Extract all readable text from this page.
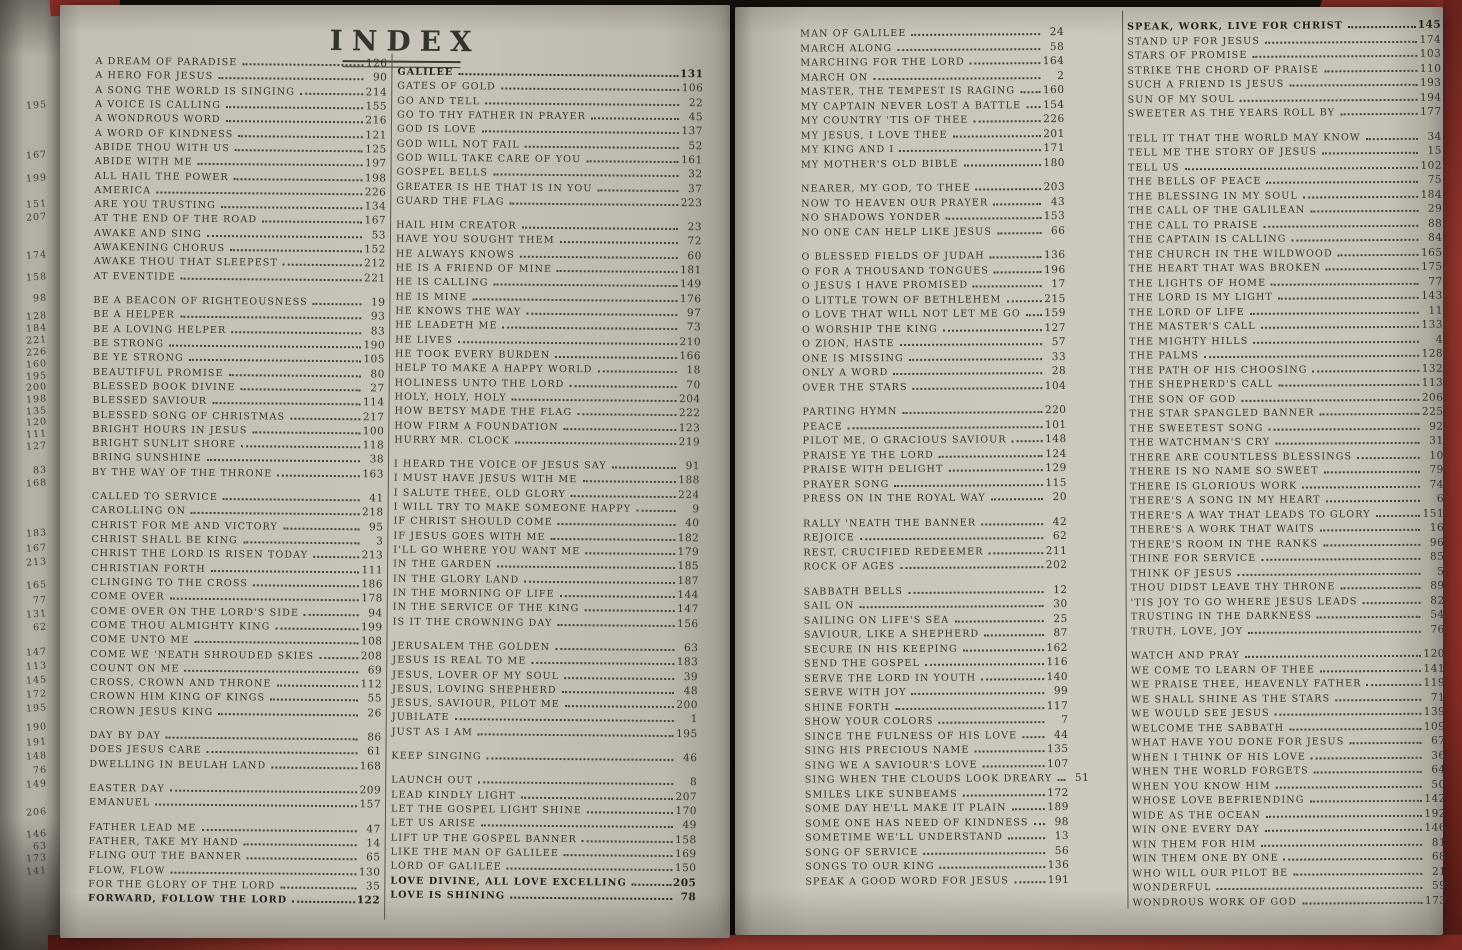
195
167
199
151
207
174
158
98
128
184
221
226
160
195
200
198
135
120
111
127
83
168
183
167
213
165
77
131
62
147
113
145
172
195
190
191
148
76
149
206
146
63
173
141
INDEX
A DREAM OF PARADISE	126
A HERO FOR JESUS	90
A SONG THE WORLD IS SINGING	214
A VOICE IS CALLING	155
A WONDROUS WORD	216
A WORD OF KINDNESS	121
ABIDE THOU WITH US	125
ABIDE WITH ME	197
ALL HAIL THE POWER	198
AMERICA	226
ARE YOU TRUSTING	134
AT THE END OF THE ROAD	167
AWAKE AND SING	53
AWAKENING CHORUS	152
AWAKE THOU THAT SLEEPEST	212
AT EVENTIDE	221
BE A BEACON OF RIGHTEOUSNESS	19
BE A HELPER	93
BE A LOVING HELPER	83
BE STRONG	190
BE YE STRONG	105
BEAUTIFUL PROMISE	80
BLESSED BOOK DIVINE	27
BLESSED SAVIOUR	114
BLESSED SONG OF CHRISTMAS	217
BRIGHT HOURS IN JESUS	100
BRIGHT SUNLIT SHORE	118
BRING SUNSHINE	38
BY THE WAY OF THE THRONE	163
CALLED TO SERVICE	41
CAROLLING ON	218
CHRIST FOR ME AND VICTORY	95
CHRIST SHALL BE KING	3
CHRIST THE LORD IS RISEN TODAY	213
CHRISTIAN FORTH	111
CLINGING TO THE CROSS	186
COME OVER	178
COME OVER ON THE LORD'S SIDE	94
COME THOU ALMIGHTY KING	199
COME UNTO ME	108
COME WE 'NEATH SHROUDED SKIES	208
COUNT ON ME	69
CROSS, CROWN AND THRONE	112
CROWN HIM KING OF KINGS	55
CROWN JESUS KING	26
DAY BY DAY	86
DOES JESUS CARE	61
DWELLING IN BEULAH LAND	168
EASTER DAY	209
EMANUEL	157
FATHER LEAD ME	47
FATHER, TAKE MY HAND	14
FLING OUT THE BANNER	65
FLOW, FLOW	130
FOR THE GLORY OF THE LORD	35
FORWARD, FOLLOW THE LORD	122
GALILEE	131
GATES OF GOLD	106
GO AND TELL	22
GO TO THY FATHER IN PRAYER	45
GOD IS LOVE	137
GOD WILL NOT FAIL	52
GOD WILL TAKE CARE OF YOU	161
GOSPEL BELLS	32
GREATER IS HE THAT IS IN YOU	37
GUARD THE FLAG	223
HAIL HIM CREATOR	23
HAVE YOU SOUGHT THEM	72
HE ALWAYS KNOWS	60
HE IS A FRIEND OF MINE	181
HE IS CALLING	149
HE IS MINE	176
HE KNOWS THE WAY	97
HE LEADETH ME	73
HE LIVES	210
HE TOOK EVERY BURDEN	166
HELP TO MAKE A HAPPY WORLD	18
HOLINESS UNTO THE LORD	70
HOLY, HOLY, HOLY	204
HOW BETSY MADE THE FLAG	222
HOW FIRM A FOUNDATION	123
HURRY MR. CLOCK	219
I HEARD THE VOICE OF JESUS SAY	91
I MUST HAVE JESUS WITH ME	188
I SALUTE THEE, OLD GLORY	224
I WILL TRY TO MAKE SOMEONE HAPPY	9
IF CHRIST SHOULD COME	40
IF JESUS GOES WITH ME	182
I'LL GO WHERE YOU WANT ME	179
IN THE GARDEN	185
IN THE GLORY LAND	187
IN THE MORNING OF LIFE	144
IN THE SERVICE OF THE KING	147
IS IT THE CROWNING DAY	156
JERUSALEM THE GOLDEN	63
JESUS IS REAL TO ME	183
JESUS, LOVER OF MY SOUL	39
JESUS, LOVING SHEPHERD	48
JESUS, SAVIOUR, PILOT ME	200
JUBILATE	1
JUST AS I AM	195
KEEP SINGING	46
LAUNCH OUT	8
LEAD KINDLY LIGHT	207
LET THE GOSPEL LIGHT SHINE	170
LET US ARISE	49
LIFT UP THE GOSPEL BANNER	158
LIKE THE MAN OF GALILEE	169
LORD OF GALILEE	150
LOVE DIVINE, ALL LOVE EXCELLING	205
LOVE IS SHINING	78
MAN OF GALILEE	24
MARCH ALONG	58
MARCHING FOR THE LORD	164
MARCH ON	2
MASTER, THE TEMPEST IS RAGING	160
MY CAPTAIN NEVER LOST A BATTLE 154
MY COUNTRY 'TIS OF THEE	226
MY JESUS, I LOVE THEE	201
MY KING AND I	171
MY MOTHER'S OLD BIBLE	180
NEARER, MY GOD, TO THEE	203
NOW TO HEAVEN OUR PRAYER	43
NO SHADOWS YONDER	153
NO ONE CAN HELP LIKE JESUS	66
O BLESSED FIELDS OF JUDAH	136
O FOR A THOUSAND TONGUES	196
O JESUS I HAVE PROMISED	17
O LITTLE TOWN OF BETHLEHEM	215
O LOVE THAT WILL NOT LET ME GO 159
O WORSHIP THE KING	127
O ZION, HASTE	57
ONE IS MISSING	33
ONLY A WORD	28
OVER THE STARS	104
PARTING HYMN	220
PEACE	101
PILOT ME, O GRACIOUS SAVIOUR	148
PRAISE YE THE LORD	124
PRAISE WITH DELIGHT	129
PRAYER SONG	115
PRESS ON IN THE ROYAL WAY	20
RALLY 'NEATH THE BANNER	42
REJOICE	62
REST, CRUCIFIED REDEEMER	211
ROCK OF AGES	202
SABBATH BELLS	12
SAIL ON	30
SAILING ON LIFE'S SEA	25
SAVIOUR, LIKE A SHEPHERD	87
SECURE IN HIS KEEPING	162
SEND THE GOSPEL	116
SERVE THE LORD IN YOUTH	140
SERVE WITH JOY	99
SHINE FORTH	117
SHOW YOUR COLORS	7
SINCE THE FULNESS OF HIS LOVE	44
SING HIS PRECIOUS NAME	135
SING WE A SAVIOUR'S LOVE	107
SING WHEN THE CLOUDS LOOK DREARY	51
SMILES LIKE SUNBEAMS	172
SOME DAY HE'LL MAKE IT PLAIN	189
SOME ONE HAS NEED OF KINDNESS	98
SOMETIME WE'LL UNDERSTAND	13
SONG OF SERVICE	56
SONGS TO OUR KING	136
SPEAK A GOOD WORD FOR JESUS	191
SPEAK, WORK, LIVE FOR CHRIST	145
STAND UP FOR JESUS	174
STARS OF PROMISE	103
STRIKE THE CHORD OF PRAISE	110
SUCH A FRIEND IS JESUS	193
SUN OF MY SOUL	194
SWEETER AS THE YEARS ROLL BY	177
TELL IT THAT THE WORLD MAY KNOW	34
TELL ME THE STORY OF JESUS	15
TELL US	102
THE BELLS OF PEACE	75
THE BLESSING IN MY SOUL	184
THE CALL OF THE GALILEAN	29
THE CALL TO PRAISE	88
THE CAPTAIN IS CALLING	84
THE CHURCH IN THE WILDWOOD	165
THE HEART THAT WAS BROKEN	175
THE LIGHTS OF HOME	77
THE LORD IS MY LIGHT	143
THE LORD OF LIFE	11
THE MASTER'S CALL	133
THE MIGHTY HILLS	4
THE PALMS	128
THE PATH OF HIS CHOOSING	132
THE SHEPHERD'S CALL	113
THE SON OF GOD	206
THE STAR SPANGLED BANNER	225
THE SWEETEST SONG	92
THE WATCHMAN'S CRY	31
THERE ARE COUNTLESS BLESSINGS	10
THERE IS NO NAME SO SWEET	79
THERE IS GLORIOUS WORK	74
THERE'S A SONG IN MY HEART	6
THERE'S A WAY THAT LEADS TO GLORY	151
THERE'S A WORK THAT WAITS	16
THERE'S ROOM IN THE RANKS	96
THINE FOR SERVICE	85
THINK OF JESUS	5
THOU DIDST LEAVE THY THRONE	89
'TIS JOY TO GO WHERE JESUS LEADS	82
TRUSTING IN THE DARKNESS	54
TRUTH, LOVE, JOY	76
WATCH AND PRAY	120
WE COME TO LEARN OF THEE	141
WE PRAISE THEE, HEAVENLY FATHER	119
WE SHALL SHINE AS THE STARS	71
WE WOULD SEE JESUS	139
WELCOME THE SABBATH	109
WHAT HAVE YOU DONE FOR JESUS	67
WHEN I THINK OF HIS LOVE	36
WHEN THE WORLD FORGETS	64
WHEN YOU KNOW HIM	50
WHOSE LOVE BEFRIENDING	142
WIDE AS THE OCEAN	192
WIN ONE EVERY DAY	146
WIN THEM FOR HIM	81
WIN THEM ONE BY ONE	68
WHO WILL OUR PILOT BE	21
WONDERFUL	59
WONDROUS WORK OF GOD	173
